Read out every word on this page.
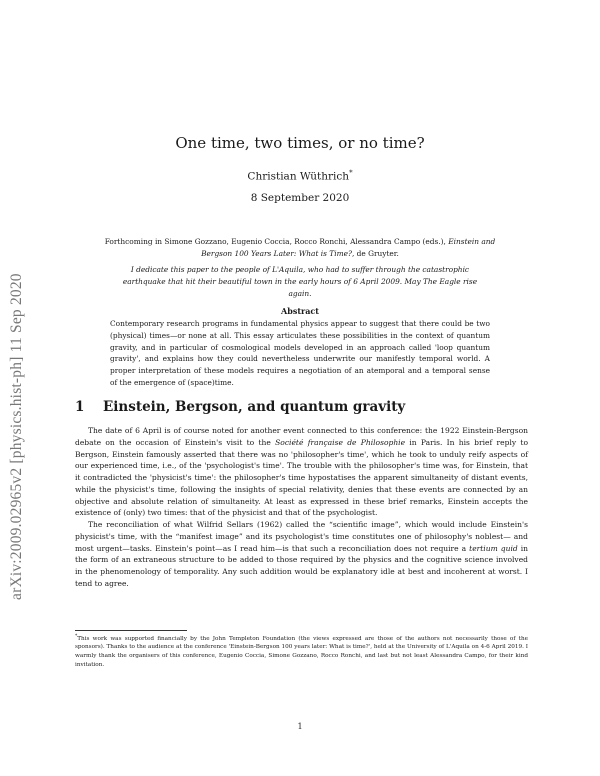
arXiv:2009.02965v2 [physics.hist-ph] 11 Sep 2020
One time, two times, or no time?
Christian Wüthrich*
8 September 2020
Forthcoming in Simone Gozzano, Eugenio Coccia, Rocco Ronchi, Alessandra Campo (eds.), Einstein and Bergson 100 Years Later: What is Time?, de Gruyter.
I dedicate this paper to the people of L'Aquila, who had to suffer through the catastrophic earthquake that hit their beautiful town in the early hours of 6 April 2009. May The Eagle rise again.
Abstract
Contemporary research programs in fundamental physics appear to suggest that there could be two (physical) times—or none at all. This essay articulates these possibilities in the context of quantum gravity, and in particular of cosmological models developed in an approach called 'loop quantum gravity', and explains how they could nevertheless underwrite our manifestly temporal world. A proper interpretation of these models requires a negotiation of an atemporal and a temporal sense of the emergence of (space)time.
1 Einstein, Bergson, and quantum gravity

The date of 6 April is of course noted for another event connected to this conference: the 1922 Einstein-Bergson debate on the occasion of Einstein's visit to the Société française de Philosophie in Paris. In his brief reply to Bergson, Einstein famously asserted that there was no 'philosopher's time', which he took to unduly reify aspects of our experienced time, i.e., of the 'psychologist's time'. The trouble with the philosopher's time was, for Einstein, that it contradicted the 'physicist's time': the philosopher's time hypostatises the apparent simultaneity of distant events, while the physicist's time, following the insights of special relativity, denies that these events are connected by an objective and absolute relation of simultaneity. At least as expressed in these brief remarks, Einstein accepts the existence of (only) two times: that of the physicist and that of the psychologist.

The reconciliation of what Wilfrid Sellars (1962) called the “scientific image”, which would include Einstein's physicist's time, with the “manifest image” and its psychologist's time constitutes one of philosophy's noblest— and most urgent—tasks. Einstein's point—as I read him—is that such a reconciliation does not require a tertium quid in the form of an extraneous structure to be added to those required by the physics and the cognitive science involved in the phenomenology of temporality. Any such addition would be explanatory idle at best and incoherent at worst. I tend to agree.

*This work was supported financially by the John Templeton Foundation (the views expressed are those of the authors not necessarily those of the sponsors). Thanks to the audience at the conference 'Einstein-Bergson 100 years later: What is time?', held at the University of L'Aquila on 4-6 April 2019. I warmly thank the organisers of this conference, Eugenio Coccia, Simone Gozzano, Rocco Ronchi, and last but not least Alessandra Campo, for their kind invitation.
1
